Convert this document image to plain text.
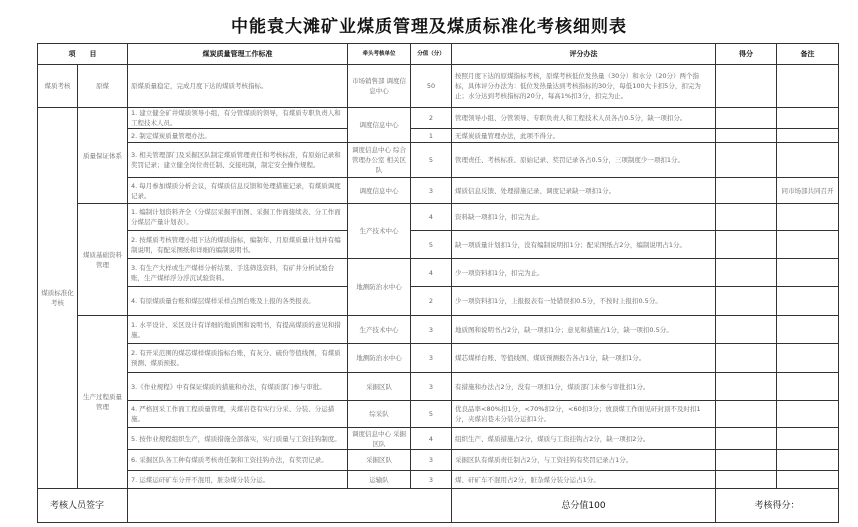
中能袁大滩矿业煤质管理及煤质标准化考核细则表
项　　目		煤炭质量管理工作标准	牵头考核单位	分值（分）	评分办法	得分	备注
煤质考核	原煤	原煤质量稳定，完成月度下达的煤质考核指标。	市场销售部 调度信息中心	50	按照月度下达的原煤指标考核，原煤考核低位发热量（30分）和水分（20分）两个指标，具体评分办法为：低位发热量达到考核指标的30分，每低100大卡扣5分，扣完为止；水分达到考核指标的20分，每高1%扣3分，扣完为止。		
煤质标准化考核	质量保证体系	1. 建立健全矿井煤质领导小组，有分管煤质的领导，有煤质专职负责人和工程技术人员。	调度信息中心	2	管理领导小组、分管领导、专职负责人和工程技术人员各占0.5分，缺一项扣分。		
		2. 制定煤炭质量管理办法。		1	无煤炭质量管理办法，此项不得分。		
		3. 相关管理部门及采掘区队制定煤质管理责任和考核标准，有原始记录和奖罚记录；建立健全岗位责任制、交接班制，制定安全操作规程。	调度信息中心 综合管理办公室 相关区队	5	管理责任、考核标准、原始记录、奖罚记录各占0.5分，三项制度少一项扣1分。		
		4. 每月参加煤质分析会议，有煤质信息反馈和处理措施记录，有煤质调度记录。	调度信息中心	3	煤质信息反馈、处理措施记录、调度记录缺一项扣1分。		同市场部共同召开
	煤质基础资料管理	1. 编制计划资料齐全（分煤层采掘平面图、采掘工作面接续表、分工作面分煤层产量计划表）。	生产技术中心	4	资料缺一项扣1分，扣完为止。		
		2. 按煤质考核管理小组下达的煤质指标，编制年、月原煤质量计划并有编制说明，有配采图纸和详细的编制说明书。		5	缺一项质量计划扣1分，没有编制说明扣1分；配采图纸占2分，编制说明占1分。		
		3. 有生产大样或生产煤样分析结果、手选筛选资料，有矿井分析试验台账，生产煤样浮分浮沉试验资料。	地测防治水中心	4	少一项资料扣1分，扣完为止。		
		4. 有原煤质量台账和煤层煤样采样点图台账及上报的各类报表。		2	少一项资料扣1分，上报报表有一处错误扣0.5分，不按时上报扣0.5分。		
	生产过程质量管理	1. 水平设计、采区设计有详细的地质图和说明书，有提高煤质的意见和措施。	生产技术中心	3	地质图和说明书占2分，缺一项扣1分；意见和措施占1分，缺一项扣0.5分。		
		2. 有开采范围的煤芯煤样煤质指标台账，有灰分、硫份等值线图，有煤质预测、煤质预报。	地测防治水中心	3	煤芯煤样台账、等值线图、煤质预测报告各占1分，缺一项扣1分。		
		3.《作业规程》中有保证煤质的措施和办法，有煤质部门参与审批。	采掘区队	3	有措施和办法占2分，没有一项扣1分，煤质部门未参与审批扣1分。		
		4. 严格回采工作面工程质量管理，夹煤岩巷有实行分采、分装、分运措施。	综采队	5	优良品率<80%扣1分，<70%扣2分，<60扣3分；放顶煤工作面见矸封顶不及时扣1分，夹煤岩巷未分装分运扣1分。		
		5. 按作业规程组织生产，煤质措施全部落实，实行质量与工资挂钩制度。	调度信息中心 采掘区队	4	组织生产、煤质措施占2分，煤质与工资挂钩占2分，缺一项扣2分。		
		6. 采掘区队各工种有煤质考核责任制和工资挂钩办法，有奖罚记录。	采掘区队	3	采掘区队有煤质责任制占2分，与工资挂钩有奖罚记录占1分。		
		7. 运煤运矸矿车分开不混用，脏杂煤分装分运。	运输队	3	煤、矸矿车不混用占2分，脏杂煤分装分运占1分。		
考核人员签字					总分值100	考核得分：	
